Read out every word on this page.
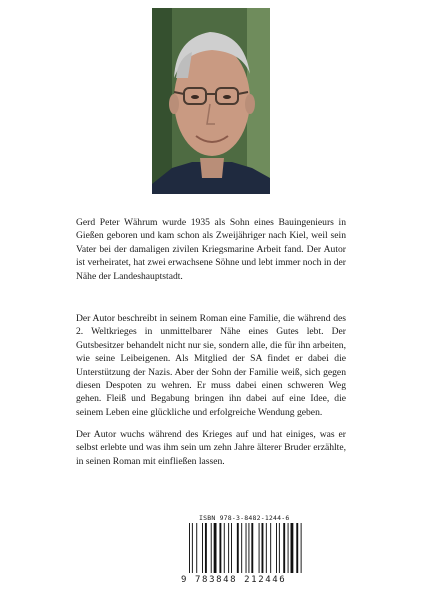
Gerd Peter Währum wurde 1935 als Sohn eines Bauingenieurs in Gießen geboren und kam schon als Zweijähriger nach Kiel, weil sein Vater bei der damaligen zivilen Kriegsmarine Arbeit fand. Der Autor ist verheiratet, hat zwei erwachsene Söhne und lebt immer noch in der Nähe der Landeshauptstadt.

Der Autor beschreibt in seinem Roman eine Familie, die während des 2. Weltkrieges in unmittelbarer Nähe eines Gutes lebt. Der Gutsbesitzer behandelt nicht nur sie, sondern alle, die für ihn arbeiten, wie seine Leibeigenen. Als Mitglied der SA findet er dabei die Unterstützung der Nazis. Aber der Sohn der Familie weiß, sich gegen diesen Despoten zu wehren. Er muss dabei einen schweren Weg gehen. Fleiß und Begabung bringen ihn dabei auf eine Idee, die seinem Leben eine glückliche und erfolgreiche Wendung geben.

Der Autor wuchs während des Krieges auf und hat einiges, was er selbst erlebte und was ihm sein um zehn Jahre älterer Bruder erzählte, in seinen Roman mit einfließen lassen.

ISBN 978-3-8482-1244-6
9 783848 212446
